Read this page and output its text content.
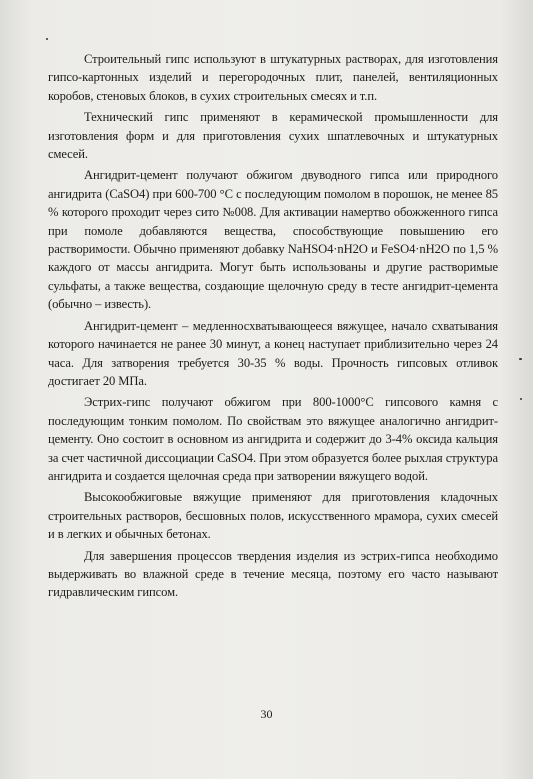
Строительный гипс используют в штукатурных растворах, для изготовления гипсо-картонных изделий и перегородочных плит, панелей, вентиляционных коробов, стеновых блоков, в сухих строительных смесях и т.п.

Технический гипс применяют в керамической промышленности для изготовления форм и для приготовления сухих шпатлевочных и штукатурных смесей.

Ангидрит-цемент получают обжигом двуводного гипса или природного ангидрита (CaSO4) при 600-700 °С с последующим помолом в порошок, не менее 85 % которого проходит через сито №008. Для активации намертво обожженного гипса при помоле добавляются вещества, способствующие повышению его растворимости. Обычно применяют добавку NaHSO4·nH2O и FeSO4·nH2O по 1,5 % каждого от массы ангидрита. Могут быть использованы и другие растворимые сульфаты, а также вещества, создающие щелочную среду в тесте ангидрит-цемента (обычно – известь).

Ангидрит-цемент – медленносхватывающееся вяжущее, начало схватывания которого начинается не ранее 30 минут, а конец наступает приблизительно через 24 часа. Для затворения требуется 30-35 % воды. Прочность гипсовых отливок достигает 20 МПа.

Эстрих-гипс получают обжигом при 800-1000°С гипсового камня с последующим тонким помолом. По свойствам это вяжущее аналогично ангидрит-цементу. Оно состоит в основном из ангидрита и содержит до 3-4% оксида кальция за счет частичной диссоциации CaSO4. При этом образуется более рыхлая структура ангидрита и создается щелочная среда при затворении вяжущего водой.

Высокообжиговые вяжущие применяют для приготовления кладочных строительных растворов, бесшовных полов, искусственного мрамора, сухих смесей и в легких и обычных бетонах.

Для завершения процессов твердения изделия из эстрих-гипса необходимо выдерживать во влажной среде в течение месяца, поэтому его часто называют гидравлическим гипсом.

30
